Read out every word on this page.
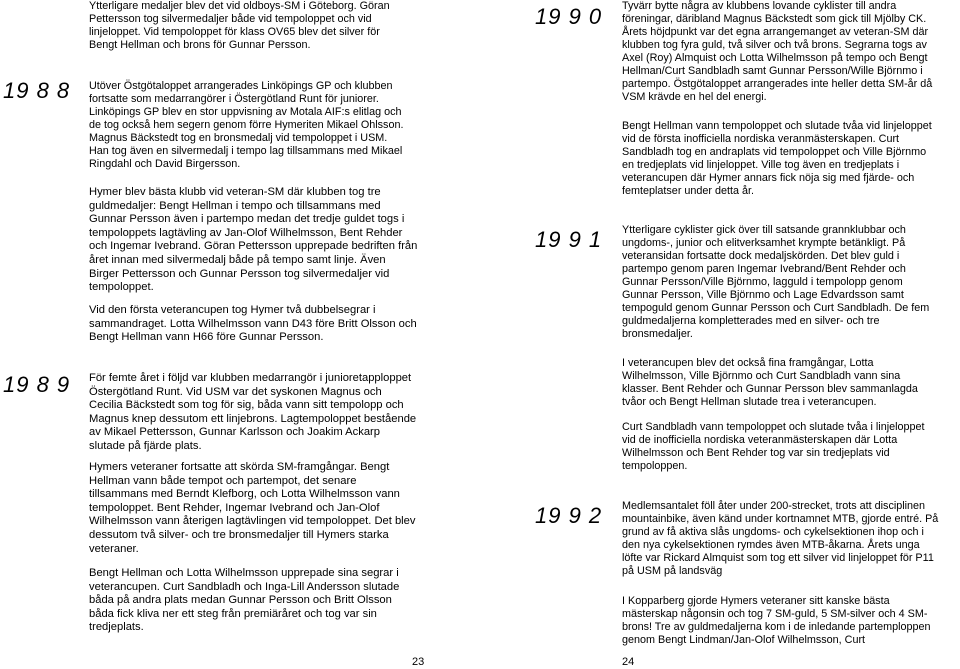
Ytterligare medaljer blev det vid oldboys-SM i Göteborg. Göran
Pettersson tog silvermedaljer både vid tempoloppet och vid
linjeloppet. Vid tempoloppet för klass OV65 blev det silver för
Bengt Hellman och brons för Gunnar Persson.

19 8 8 Utöver Östgötaloppet arrangerades Linköpings GP och klubben
fortsatte som medarrangörer i Östergötland Runt för juniorer.
Linköpings GP blev en stor uppvisning av Motala AIF:s elitlag och
de tog också hem segern genom förre Hymeriten Mikael Ohlsson.
Magnus Bäckstedt tog en bronsmedalj vid tempoloppet i USM.
Han tog även en silvermedalj i tempo lag tillsammans med Mikael
Ringdahl och David Birgersson.

Hymer blev bästa klubb vid veteran-SM där klubben tog tre
guldmedaljer: Bengt Hellman i tempo och tillsammans med
Gunnar Persson även i partempo medan det tredje guldet togs i
tempoloppets lagtävling av Jan-Olof Wilhelmsson, Bent Rehder
och Ingemar Ivebrand. Göran Pettersson upprepade bedriften från
året innan med silvermedalj både på tempo samt linje. Även
Birger Pettersson och Gunnar Persson tog silvermedaljer vid
tempoloppet.

Vid den första veterancupen tog Hymer två dubbelsegrar i
sammandraget. Lotta Wilhelmsson vann D43 före Britt Olsson och
Bengt Hellman vann H66 före Gunnar Persson.

19 8 9 För femte året i följd var klubben medarrangör i junioretapploppet
Östergötland Runt. Vid USM var det syskonen Magnus och
Cecilia Bäckstedt som tog för sig, båda vann sitt tempolopp och
Magnus knep dessutom ett linjebrons. Lagtempoloppet bestående
av Mikael Pettersson, Gunnar Karlsson och Joakim Ackarp
slutade på fjärde plats.

Hymers veteraner fortsatte att skörda SM-framgångar. Bengt
Hellman vann både tempot och partempot, det senare
tillsammans med Berndt Klefborg, och Lotta Wilhelmsson vann
tempoloppet. Bent Rehder, Ingemar Ivebrand och Jan-Olof
Wilhelmsson vann återigen lagtävlingen vid tempoloppet. Det blev
dessutom två silver- och tre bronsmedaljer till Hymers starka
veteraner.

Bengt Hellman och Lotta Wilhelmsson upprepade sina segrar i
veterancupen. Curt Sandbladh och Inga-Lill Andersson slutade
båda på andra plats medan Gunnar Persson och Britt Olsson
båda fick kliva ner ett steg från premiäråret och tog var sin
tredjeplats.

23

19 9 0 Tyvärr bytte några av klubbens lovande cyklister till andra
föreningar, däribland Magnus Bäckstedt som gick till Mjölby CK.
Årets höjdpunkt var det egna arrangemanget av veteran-SM där
klubben tog fyra guld, två silver och två brons. Segrarna togs av
Axel (Roy) Almquist och Lotta Wilhelmsson på tempo och Bengt
Hellman/Curt Sandbladh samt Gunnar Persson/Wille Björnmo i
partempo. Östgötaloppet arrangerades inte heller detta SM-år då
VSM krävde en hel del energi.

Bengt Hellman vann tempoloppet och slutade tvåa vid linjeloppet
vid de första inofficiella nordiska veranmästerskapen. Curt
Sandbladh tog en andraplats vid tempoloppet och Ville Björnmo
en tredjeplats vid linjeloppet. Ville tog även en tredjeplats i
veterancupen där Hymer annars fick nöja sig med fjärde- och
femteplatser under detta år.

19 9 1 Ytterligare cyklister gick över till satsande grannklubbar och
ungdoms-, junior och elitverksamhet krympte betänkligt. På
veteransidan fortsatte dock medaljskörden. Det blev guld i
partempo genom paren Ingemar Ivebrand/Bent Rehder och
Gunnar Persson/Ville Björnmo, lagguld i tempolopp genom
Gunnar Persson, Ville Björnmo och Lage Edvardsson samt
tempoguld genom Gunnar Persson och Curt Sandbladh. De fem
guldmedaljerna kompletterades med en silver- och tre
bronsmedaljer.

I veterancupen blev det också fina framgångar, Lotta
Wilhelmsson, Ville Björnmo och Curt Sandbladh vann sina
klasser. Bent Rehder och Gunnar Persson blev sammanlagda
tvåor och Bengt Hellman slutade trea i veterancupen.

Curt Sandbladh vann tempoloppet och slutade tvåa i linjeloppet
vid de inofficiella nordiska veteranmästerskapen där Lotta
Wilhelmsson och Bent Rehder tog var sin tredjeplats vid
tempoloppen.

19 9 2 Medlemsantalet föll åter under 200-strecket, trots att disciplinen
mountainbike, även känd under kortnamnet MTB, gjorde entré. På
grund av få aktiva slås ungdoms- och cykelsektionen ihop och i
den nya cykelsektionen rymdes även MTB-åkarna. Årets unga
löfte var Rickard Almquist som tog ett silver vid linjeloppet för P11
på USM på landsväg

I Kopparberg gjorde Hymers veteraner sitt kanske bästa
mästerskap någonsin och tog 7 SM-guld, 5 SM-silver och 4 SM-
brons! Tre av guldmedaljerna kom i de inledande partemploppen
genom Bengt Lindman/Jan-Olof Wilhelmsson, Curt

24
